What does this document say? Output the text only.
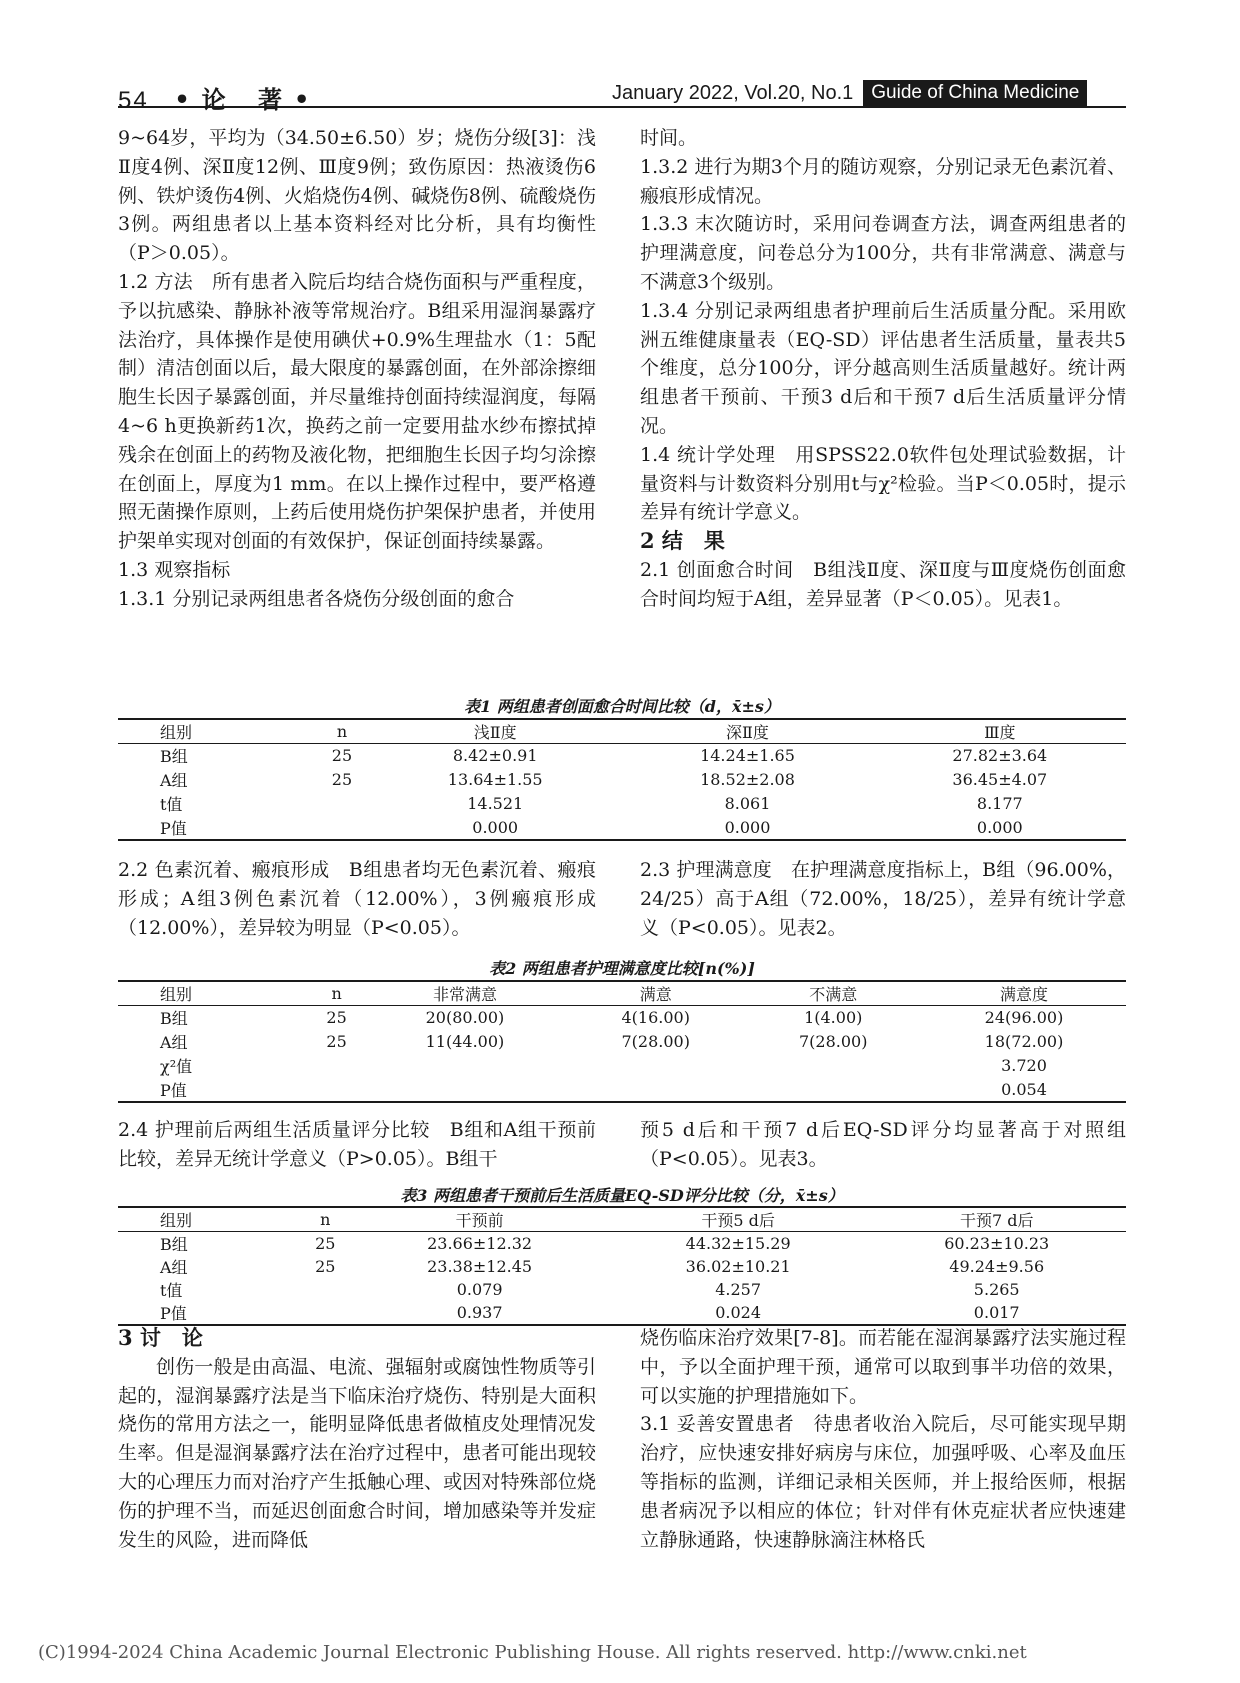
54 •论 著•	January 2022, Vol.20, No.1 Guide of China Medicine

9~64岁，平均为（34.50±6.50）岁；烧伤分级[3]：浅Ⅱ度4例、深Ⅱ度12例、Ⅲ度9例；致伤原因：热液烫伤6例、铁炉烫伤4例、火焰烧伤4例、碱烧伤8例、硫酸烧伤3例。两组患者以上基本资料经对比分析，具有均衡性（P＞0.05）。

1.2 方法　所有患者入院后均结合烧伤面积与严重程度，予以抗感染、静脉补液等常规治疗。B组采用湿润暴露疗法治疗，具体操作是使用碘伏+0.9%生理盐水（1：5配制）清洁创面以后，最大限度的暴露创面，在外部涂擦细胞生长因子暴露创面，并尽量维持创面持续湿润度，每隔4~6 h更换新药1次，换药之前一定要用盐水纱布擦拭掉残余在创面上的药物及液化物，把细胞生长因子均匀涂擦在创面上，厚度为1 mm。在以上操作过程中，要严格遵照无菌操作原则，上药后使用烧伤护架保护患者，并使用护架单实现对创面的有效保护，保证创面持续暴露。

1.3 观察指标

1.3.1 分别记录两组患者各烧伤分级创面的愈合

时间。

1.3.2 进行为期3个月的随访观察，分别记录无色素沉着、瘢痕形成情况。

1.3.3 末次随访时，采用问卷调查方法，调查两组患者的护理满意度，问卷总分为100分，共有非常满意、满意与不满意3个级别。

1.3.4 分别记录两组患者护理前后生活质量分配。采用欧洲五维健康量表（EQ-SD）评估患者生活质量，量表共5个维度，总分100分，评分越高则生活质量越好。统计两组患者干预前、干预3 d后和干预7 d后生活质量评分情况。

1.4 统计学处理　用SPSS22.0软件包处理试验数据，计量资料与计数资料分别用t与χ²检验。当P＜0.05时，提示差异有统计学意义。

2 结　果

2.1 创面愈合时间　B组浅Ⅱ度、深Ⅱ度与Ⅲ度烧伤创面愈合时间均短于A组，差异显著（P＜0.05）。见表1。

表1 两组患者创面愈合时间比较（d，x̄±s）
组别	n	浅Ⅱ度	深Ⅱ度	Ⅲ度
B组	25	8.42±0.91	14.24±1.65	27.82±3.64
A组	25	13.64±1.55	18.52±2.08	36.45±4.07
t值		14.521	8.061	8.177
P值		0.000	0.000	0.000

2.2 色素沉着、瘢痕形成　B组患者均无色素沉着、瘢痕形成；A组3例色素沉着（12.00%），3例瘢痕形成（12.00%），差异较为明显（P<0.05）。

2.3 护理满意度　在护理满意度指标上，B组（96.00%，24/25）高于A组（72.00%，18/25），差异有统计学意义（P<0.05）。见表2。

表2 两组患者护理满意度比较[n(%)]
组别	n	非常满意	满意	不满意	满意度
B组	25	20(80.00)	4(16.00)	1(4.00)	24(96.00)
A组	25	11(44.00)	7(28.00)	7(28.00)	18(72.00)
χ²值					3.720
P值					0.054

2.4 护理前后两组生活质量评分比较　B组和A组干预前比较，差异无统计学意义（P>0.05）。B组干

预5 d后和干预7 d后EQ-SD评分均显著高于对照组（P<0.05）。见表3。

表3 两组患者干预前后生活质量EQ-SD评分比较（分，x̄±s）
组别	n	干预前	干预5 d后	干预7 d后
B组	25	23.66±12.32	44.32±15.29	60.23±10.23
A组	25	23.38±12.45	36.02±10.21	49.24±9.56
t值		0.079	4.257	5.265
P值		0.937	0.024	0.017

3 讨　论

创伤一般是由高温、电流、强辐射或腐蚀性物质等引起的，湿润暴露疗法是当下临床治疗烧伤、特别是大面积烧伤的常用方法之一，能明显降低患者做植皮处理情况发生率。但是湿润暴露疗法在治疗过程中，患者可能出现较大的心理压力而对治疗产生抵触心理、或因对特殊部位烧伤的护理不当，而延迟创面愈合时间，增加感染等并发症发生的风险，进而降低

烧伤临床治疗效果[7-8]。而若能在湿润暴露疗法实施过程中，予以全面护理干预，通常可以取到事半功倍的效果，可以实施的护理措施如下。

3.1 妥善安置患者　待患者收治入院后，尽可能实现早期治疗，应快速安排好病房与床位，加强呼吸、心率及血压等指标的监测，详细记录相关医师，并上报给医师，根据患者病况予以相应的体位；针对伴有休克症状者应快速建立静脉通路，快速静脉滴注林格氏

(C)1994-2024 China Academic Journal Electronic Publishing House. All rights reserved. http://www.cnki.net
